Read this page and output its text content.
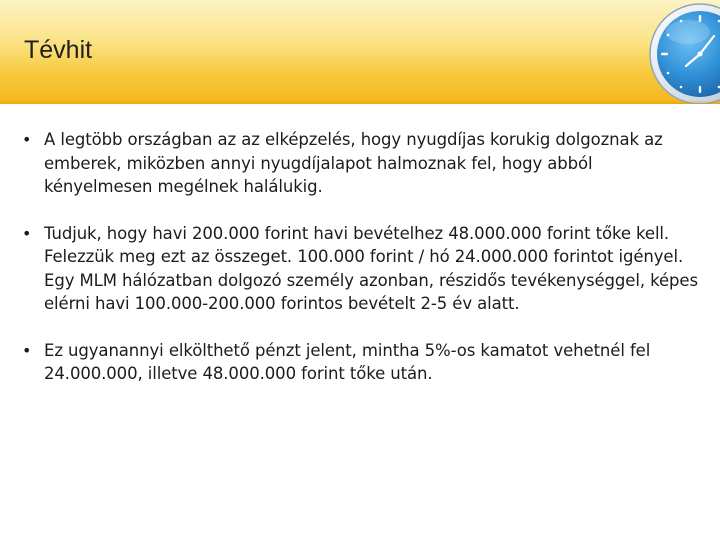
Tévhit
• A legtöbb országban az az elképzelés, hogy nyugdíjas korukig dolgoznak az emberek, miközben annyi nyugdíjalapot halmoznak fel, hogy abból kényelmesen megélnek halálukig.
• Tudjuk, hogy havi 200.000 forint havi bevételhez 48.000.000 forint tőke kell. Felezzük meg ezt az összeget. 100.000 forint / hó 24.000.000 forintot igényel. Egy MLM hálózatban dolgozó személy azonban, részidős tevékenységgel, képes elérni havi 100.000-200.000 forintos bevételt 2-5 év alatt.
• Ez ugyanannyi elkölthető pénzt jelent, mintha 5%-os kamatot vehetnél fel 24.000.000, illetve 48.000.000 forint tőke után.
